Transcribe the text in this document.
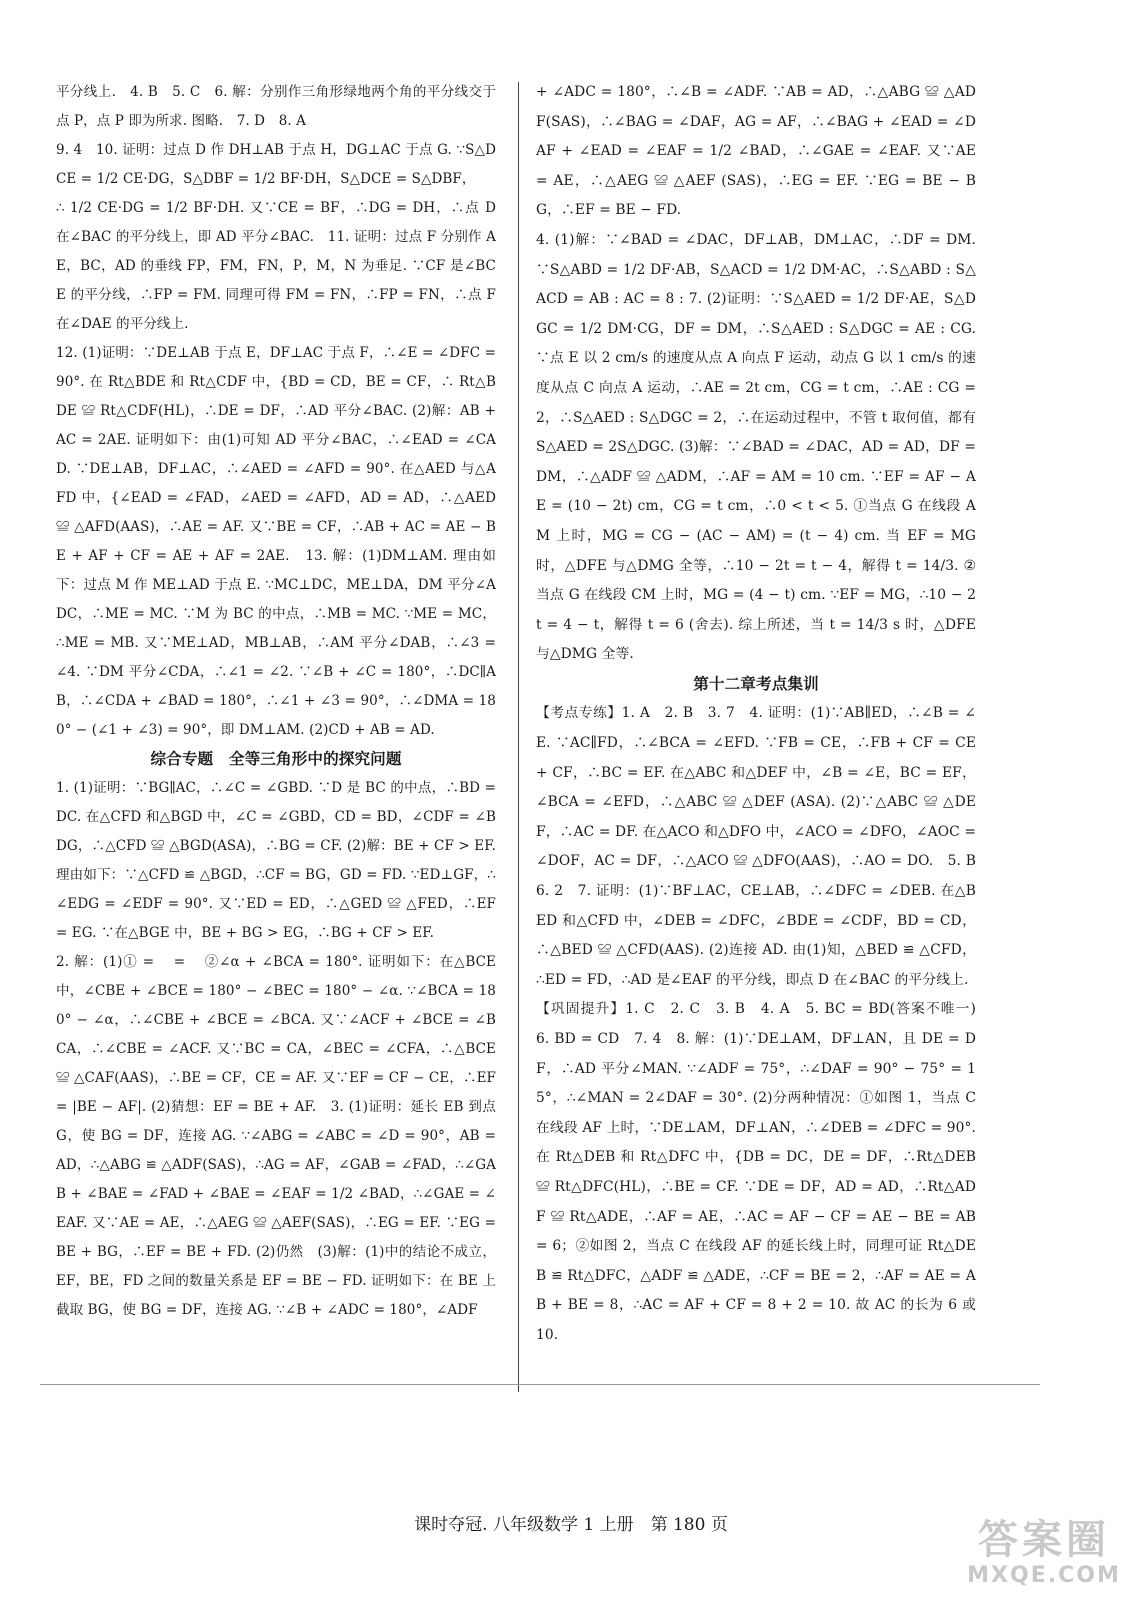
平分线上.　4. B　5. C　6. 解：分别作三角形绿地两个角的平分线交于点 P，点 P 即为所求. 图略.　7. D　8. A

9. 4　10. 证明：过点 D 作 DH⊥AB 于点 H，DG⊥AC 于点 G. ∵S△DCE = 1/2 CE·DG，S△DBF = 1/2 BF·DH，S△DCE = S△DBF，

∴ 1/2 CE·DG = 1/2 BF·DH. 又∵CE = BF，∴DG = DH，∴点 D 在∠BAC 的平分线上，即 AD 平分∠BAC.　11. 证明：过点 F 分别作 AE，BC，AD 的垂线 FP，FM，FN，P，M，N 为垂足. ∵CF 是∠BCE 的平分线，∴FP = FM. 同理可得 FM = FN，∴FP = FN，∴点 F 在∠DAE 的平分线上.

12. (1)证明：∵DE⊥AB 于点 E，DF⊥AC 于点 F，∴∠E = ∠DFC = 90°. 在 Rt△BDE 和 Rt△CDF 中，{BD = CD，BE = CF，∴ Rt△BDE ≌ Rt△CDF(HL)，∴DE = DF，∴AD 平分∠BAC. (2)解：AB + AC = 2AE. 证明如下：由(1)可知 AD 平分∠BAC，∴∠EAD = ∠CAD. ∵DE⊥AB，DF⊥AC，∴∠AED = ∠AFD = 90°. 在△AED 与△AFD 中，{∠EAD = ∠FAD，∠AED = ∠AFD，AD = AD，∴△AED ≌ △AFD(AAS)，∴AE = AF. 又∵BE = CF，∴AB + AC = AE − BE + AF + CF = AE + AF = 2AE.　13. 解：(1)DM⊥AM. 理由如下：过点 M 作 ME⊥AD 于点 E. ∵MC⊥DC，ME⊥DA，DM 平分∠ADC，∴ME = MC. ∵M 为 BC 的中点，∴MB = MC. ∵ME = MC，∴ME = MB. 又∵ME⊥AD，MB⊥AB，∴AM 平分∠DAB，∴∠3 = ∠4. ∵DM 平分∠CDA，∴∠1 = ∠2. ∵∠B + ∠C = 180°，∴DC∥AB，∴∠CDA + ∠BAD = 180°，∴∠1 + ∠3 = 90°，∴∠DMA = 180° − (∠1 + ∠3) = 90°，即 DM⊥AM. (2)CD + AB = AD.

综合专题　全等三角形中的探究问题

1. (1)证明：∵BG∥AC，∴∠C = ∠GBD. ∵D 是 BC 的中点，∴BD = DC. 在△CFD 和△BGD 中，∠C = ∠GBD，CD = BD，∠CDF = ∠BDG，∴△CFD ≌ △BGD(ASA)，∴BG = CF. (2)解：BE + CF > EF. 理由如下：∵△CFD ≌ △BGD，∴CF = BG，GD = FD. ∵ED⊥GF，∴∠EDG = ∠EDF = 90°. 又∵ED = ED，∴△GED ≌ △FED，∴EF = EG. ∵在△BGE 中，BE + BG > EG，∴BG + CF > EF.

2. 解：(1)① = 　= 　②∠α + ∠BCA = 180°. 证明如下：在△BCE 中，∠CBE + ∠BCE = 180° − ∠BEC = 180° − ∠α. ∵∠BCA = 180° − ∠α，∴∠CBE + ∠BCE = ∠BCA. 又∵∠ACF + ∠BCE = ∠BCA，∴∠CBE = ∠ACF. 又∵BC = CA，∠BEC = ∠CFA，∴△BCE ≌ △CAF(AAS)，∴BE = CF，CE = AF. 又∵EF = CF − CE，∴EF = |BE − AF|. (2)猜想：EF = BE + AF.　3. (1)证明：延长 EB 到点 G，使 BG = DF，连接 AG. ∵∠ABG = ∠ABC = ∠D = 90°，AB = AD，∴△ABG ≌ △ADF(SAS)，∴AG = AF，∠GAB = ∠FAD，∴∠GAB + ∠BAE = ∠FAD + ∠BAE = ∠EAF = 1/2 ∠BAD，∴∠GAE = ∠EAF. 又∵AE = AE，∴△AEG ≌ △AEF(SAS)，∴EG = EF. ∵EG = BE + BG，∴EF = BE + FD. (2)仍然　(3)解：(1)中的结论不成立，EF，BE，FD 之间的数量关系是 EF = BE − FD. 证明如下：在 BE 上截取 BG，使 BG = DF，连接 AG. ∵∠B + ∠ADC = 180°，∠ADF

+ ∠ADC = 180°，∴∠B = ∠ADF. ∵AB = AD，∴△ABG ≌ △ADF(SAS)，∴∠BAG = ∠DAF，AG = AF，∴∠BAG + ∠EAD = ∠DAF + ∠EAD = ∠EAF = 1/2 ∠BAD，∴∠GAE = ∠EAF. 又∵AE = AE，∴△AEG ≌ △AEF (SAS)，∴EG = EF. ∵EG = BE − BG，∴EF = BE − FD.

4. (1)解：∵∠BAD = ∠DAC，DF⊥AB，DM⊥AC，∴DF = DM. ∵S△ABD = 1/2 DF·AB，S△ACD = 1/2 DM·AC，∴S△ABD : S△ACD = AB : AC = 8 : 7. (2)证明：∵S△AED = 1/2 DF·AE，S△DGC = 1/2 DM·CG，DF = DM，∴S△AED : S△DGC = AE : CG. ∵点 E 以 2 cm/s 的速度从点 A 向点 F 运动，动点 G 以 1 cm/s 的速度从点 C 向点 A 运动，∴AE = 2t cm，CG = t cm，∴AE : CG = 2，∴S△AED : S△DGC = 2，∴在运动过程中，不管 t 取何值，都有 S△AED = 2S△DGC. (3)解：∵∠BAD = ∠DAC，AD = AD，DF = DM，∴△ADF ≌ △ADM，∴AF = AM = 10 cm. ∵EF = AF − AE = (10 − 2t) cm，CG = t cm，∴0 < t < 5. ①当点 G 在线段 AM 上时，MG = CG − (AC − AM) = (t − 4) cm. 当 EF = MG 时，△DFE 与△DMG 全等，∴10 − 2t = t − 4，解得 t = 14/3. ②当点 G 在线段 CM 上时，MG = (4 − t) cm. ∵EF = MG，∴10 − 2t = 4 − t，解得 t = 6 (舍去). 综上所述，当 t = 14/3 s 时，△DFE 与△DMG 全等.

第十二章考点集训

【考点专练】1. A　2. B　3. 7　4. 证明：(1)∵AB∥ED，∴∠B = ∠E. ∵AC∥FD，∴∠BCA = ∠EFD. ∵FB = CE，∴FB + CF = CE + CF，∴BC = EF. 在△ABC 和△DEF 中，∠B = ∠E，BC = EF，∠BCA = ∠EFD，∴△ABC ≌ △DEF (ASA). (2)∵△ABC ≌ △DEF，∴AC = DF. 在△ACO 和△DFO 中，∠ACO = ∠DFO，∠AOC = ∠DOF，AC = DF，∴△ACO ≌ △DFO(AAS)，∴AO = DO.　5. B　6. 2　7. 证明：(1)∵BF⊥AC，CE⊥AB，∴∠DFC = ∠DEB. 在△BED 和△CFD 中，∠DEB = ∠DFC，∠BDE = ∠CDF，BD = CD，∴△BED ≌ △CFD(AAS). (2)连接 AD. 由(1)知，△BED ≌ △CFD，∴ED = FD，∴AD 是∠EAF 的平分线，即点 D 在∠BAC 的平分线上.

【巩固提升】1. C　2. C　3. B　4. A　5. BC = BD(答案不唯一)　6. BD = CD　7. 4　8. 解：(1)∵DE⊥AM，DF⊥AN，且 DE = DF，∴AD 平分∠MAN. ∵∠ADF = 75°，∴∠DAF = 90° − 75° = 15°，∴∠MAN = 2∠DAF = 30°. (2)分两种情况：①如图 1，当点 C 在线段 AF 上时，∵DE⊥AM，DF⊥AN，∴∠DEB = ∠DFC = 90°. 在 Rt△DEB 和 Rt△DFC 中，{DB = DC，DE = DF，∴Rt△DEB ≌ Rt△DFC(HL)，∴BE = CF. ∵DE = DF，AD = AD，∴Rt△ADF ≌ Rt△ADE，∴AF = AE，∴AC = AF − CF = AE − BE = AB = 6；②如图 2，当点 C 在线段 AF 的延长线上时，同理可证 Rt△DEB ≌ Rt△DFC，△ADF ≌ △ADE，∴CF = BE = 2，∴AF = AE = AB + BE = 8，∴AC = AF + CF = 8 + 2 = 10. 故 AC 的长为 6 或 10.

课时夺冠. 八年级数学 1 上册　第 180 页	答案圈
MXQE.COM
